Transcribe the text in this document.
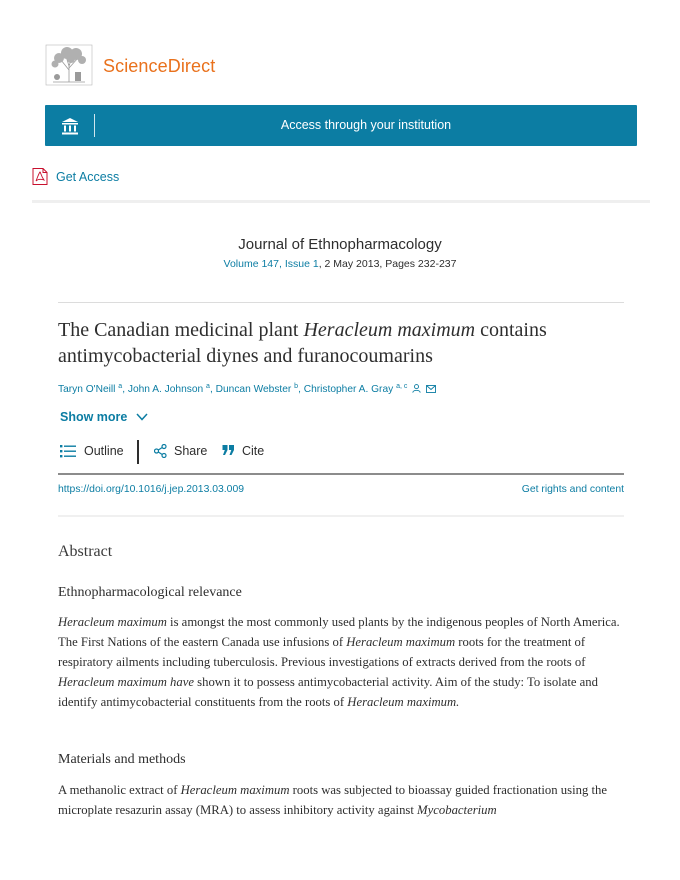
ScienceDirect
Access through your institution
Get Access
Journal of Ethnopharmacology
Volume 147, Issue 1, 2 May 2013, Pages 232-237
The Canadian medicinal plant Heracleum maximum contains antimycobacterial diynes and furanocoumarins
Taryn O'Neill $^a$, John A. Johnson $^a$, Duncan Webster $^b$, Christopher A. Gray $^{a, c}$
Show more
Outline	Share	Cite
https://doi.org/10.1016/j.jep.2013.03.009	Get rights and content
Abstract
Ethnopharmacological relevance

Heracleum maximum is amongst the most commonly used plants by the indigenous peoples of North America. The First Nations of the eastern Canada use infusions of Heracleum maximum roots for the treatment of respiratory ailments including tuberculosis. Previous investigations of extracts derived from the roots of Heracleum maximum have shown it to possess antimycobacterial activity. Aim of the study: To isolate and identify antimycobacterial constituents from the roots of Heracleum maximum.

Materials and methods

A methanolic extract of Heracleum maximum roots was subjected to bioassay guided fractionation using the microplate resazurin assay (MRA) to assess inhibitory activity against Mycobacterium
